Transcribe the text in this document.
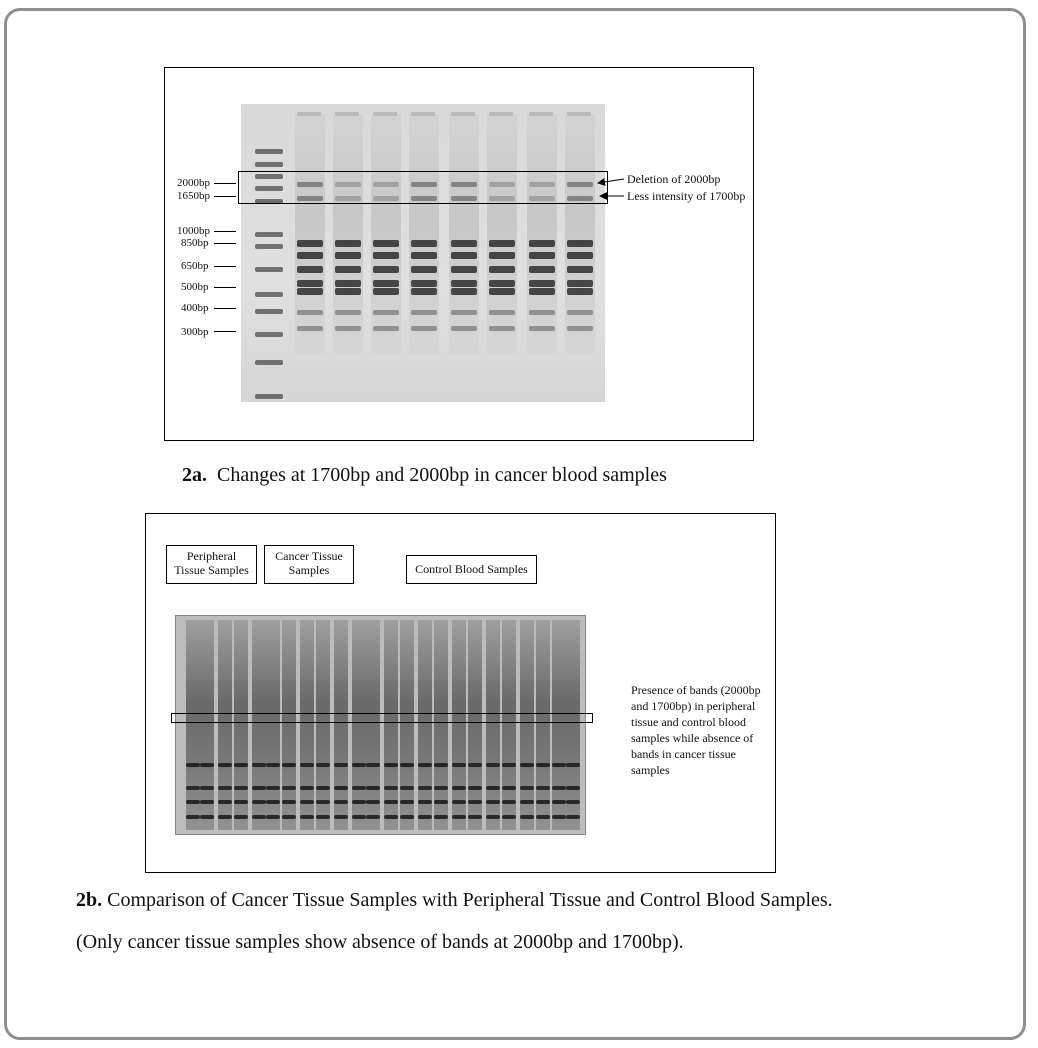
2000bp
1650bp
1000bp
850bp
650bp
500bp
400bp
300bp
Deletion of 2000bp
Less intensity of 1700bp
2a. Changes at 1700bp and 2000bp in cancer blood samples
Peripheral
Tissue Samples
Cancer Tissue
Samples	Control Blood Samples
Presence of bands (2000bp
and 1700bp) in peripheral
tissue and control blood
samples while absence of
bands in cancer tissue
samples
2b. Comparison of Cancer Tissue Samples with Peripheral Tissue and Control Blood Samples.
(Only cancer tissue samples show absence of bands at 2000bp and 1700bp).
